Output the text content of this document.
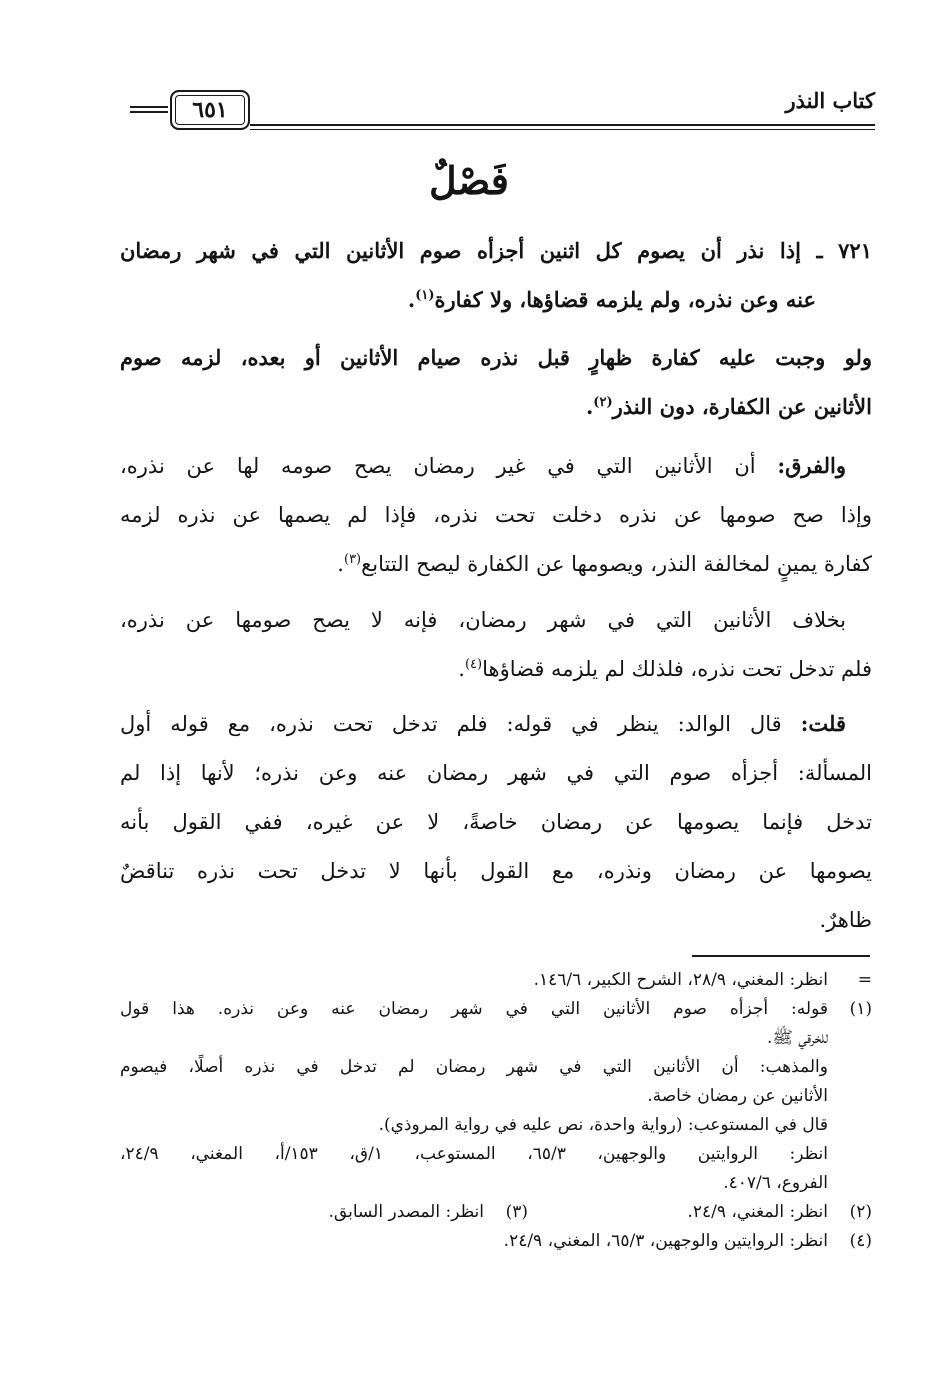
٦٥١	كتاب النذر
فَصْلٌ

٧٢١ ـ إذا نذر أن يصوم كل اثنين أجزأه صوم الأثانين التي في شهر رمضان

عنه وعن نذره، ولم يلزمه قضاؤها، ولا كفارة$^{(١)}$.

ولو وجبت عليه كفارة ظهارٍ قبل نذره صيام الأثانين أو بعده، لزمه صوم

الأثانين عن الكفارة، دون النذر$^{(٢)}$.

والفرق: أن الأثانين التي في غير رمضان يصح صومه لها عن نذره،

وإذا صح صومها عن نذره دخلت تحت نذره، فإذا لم يصمها عن نذره لزمه

كفارة يمينٍ لمخالفة النذر، ويصومها عن الكفارة ليصح التتابع$^{(٣)}$.

بخلاف الأثانين التي في شهر رمضان، فإنه لا يصح صومها عن نذره،

فلم تدخل تحت نذره، فلذلك لم يلزمه قضاؤها$^{(٤)}$.

قلت: قال الوالد: ينظر في قوله: فلم تدخل تحت نذره، مع قوله أول

المسألة: أجزأه صوم التي في شهر رمضان عنه وعن نذره؛ لأنها إذا لم

تدخل فإنما يصومها عن رمضان خاصةً، لا عن غيره، ففي القول بأنه

يصومها عن رمضان ونذره، مع القول بأنها لا تدخل تحت نذره تناقضٌ

ظاهرٌ.

=
انظر: المغني، ٢٨/٩، الشرح الكبير، ١٤٦/٦.
(١)
قوله: أجزأه صوم الأثانين التي في شهر رمضان عنه وعن نذره. هذا قول
للخرقي ﷺ.
والمذهب: أن الأثانين التي في شهر رمضان لم تدخل في نذره أصلًا، فيصوم
الأثانين عن رمضان خاصة.
قال في المستوعب: (رواية واحدة، نص عليه في رواية المروذي).
انظر: الروايتين والوجهين، ٦٥/٣، المستوعب، ١/ق، ١٥٣/أ، المغني، ٢٤/٩،
الفروع، ٤٠٧/٦.
(٢)
انظر: المغني، ٢٤/٩.
(٣)
انظر: المصدر السابق.
(٤)
انظر: الروايتين والوجهين، ٦٥/٣، المغني، ٢٤/٩.
